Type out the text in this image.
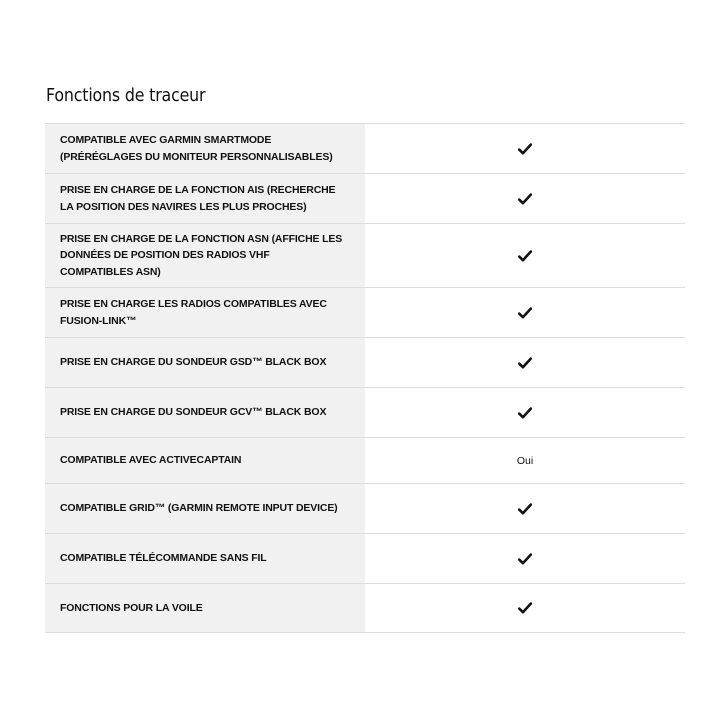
Fonctions de traceur
COMPATIBLE AVEC GARMIN SMARTMODE (PRÉRÉGLAGES DU MONITEUR PERSONNALISABLES)
PRISE EN CHARGE DE LA FONCTION AIS (RECHERCHE LA POSITION DES NAVIRES LES PLUS PROCHES)
PRISE EN CHARGE DE LA FONCTION ASN (AFFICHE LES DONNÉES DE POSITION DES RADIOS VHF COMPATIBLES ASN)
PRISE EN CHARGE LES RADIOS COMPATIBLES AVEC FUSION-LINK™
PRISE EN CHARGE DU SONDEUR GSD™ BLACK BOX
PRISE EN CHARGE DU SONDEUR GCV™ BLACK BOX
COMPATIBLE AVEC ACTIVECAPTAIN	Oui
COMPATIBLE GRID™ (GARMIN REMOTE INPUT DEVICE)
COMPATIBLE TÉLÉCOMMANDE SANS FIL
FONCTIONS POUR LA VOILE
